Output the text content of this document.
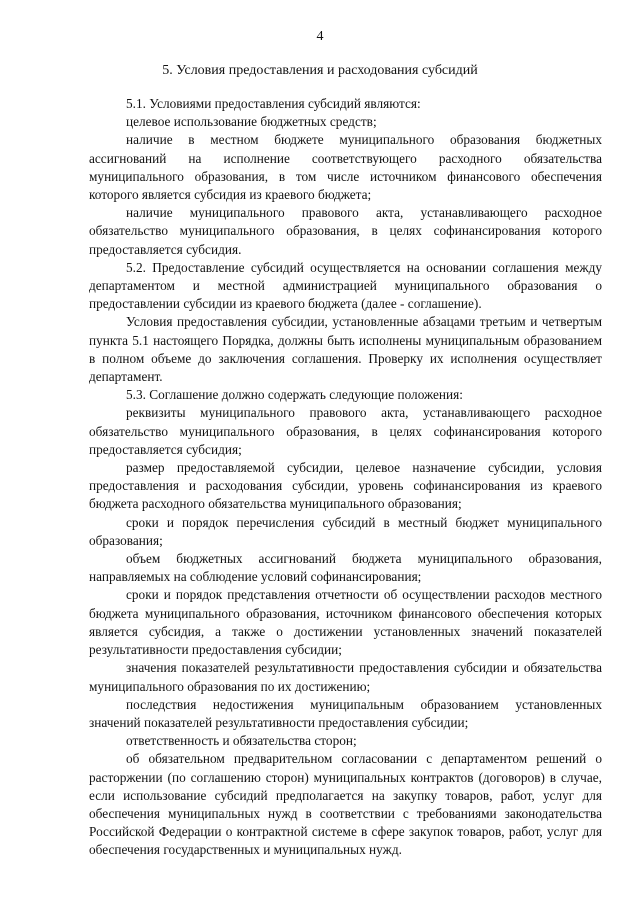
4
5. Условия предоставления и расходования субсидий

5.1. Условиями предоставления субсидий являются:

целевое использование бюджетных средств;

наличие в местном бюджете муниципального образования бюджетных ассигнований на исполнение соответствующего расходного обязательства муниципального образования, в том числе источником финансового обеспечения которого является субсидия из краевого бюджета;

наличие муниципального правового акта, устанавливающего расходное обязательство муниципального образования, в целях софинансирования которого предоставляется субсидия.

5.2. Предоставление субсидий осуществляется на основании соглашения между департаментом и местной администрацией муниципального образования о предоставлении субсидии из краевого бюджета (далее - соглашение).

Условия предоставления субсидии, установленные абзацами третьим и четвертым пункта 5.1 настоящего Порядка, должны быть исполнены муниципальным образованием в полном объеме до заключения соглашения. Проверку их исполнения осуществляет департамент.

5.3. Соглашение должно содержать следующие положения:

реквизиты муниципального правового акта, устанавливающего расходное обязательство муниципального образования, в целях софинансирования которого предоставляется субсидия;

размер предоставляемой субсидии, целевое назначение субсидии, условия предоставления и расходования субсидии, уровень софинансирования из краевого бюджета расходного обязательства муниципального образования;

сроки и порядок перечисления субсидий в местный бюджет муниципального образования;

объем бюджетных ассигнований бюджета муниципального образования, направляемых на соблюдение условий софинансирования;

сроки и порядок представления отчетности об осуществлении расходов местного бюджета муниципального образования, источником финансового обеспечения которых является субсидия, а также о достижении установленных значений показателей результативности предоставления субсидии;

значения показателей результативности предоставления субсидии и обязательства муниципального образования по их достижению;

последствия недостижения муниципальным образованием установленных значений показателей результативности предоставления субсидии;

ответственность и обязательства сторон;

об обязательном предварительном согласовании с департаментом решений о расторжении (по соглашению сторон) муниципальных контрактов (договоров) в случае, если использование субсидий предполагается на закупку товаров, работ, услуг для обеспечения муниципальных нужд в соответствии с требованиями законодательства Российской Федерации о контрактной системе в сфере закупок товаров, работ, услуг для обеспечения государственных и муниципальных нужд.
